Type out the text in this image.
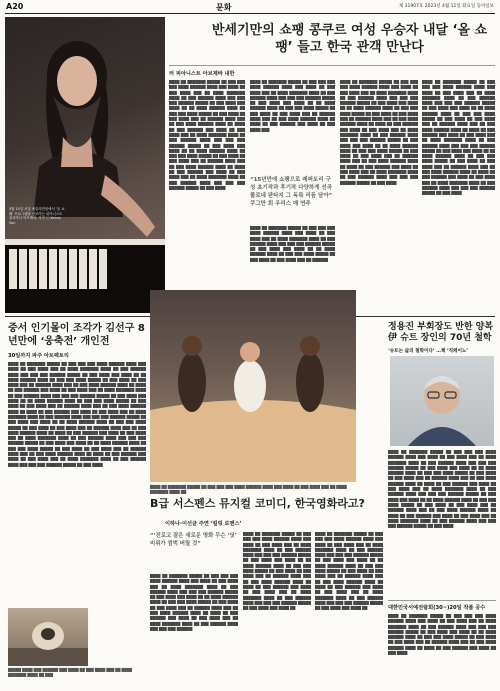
A20	문화	제 31907호 2023년 4월 11일 화요일 동아일보
5월 15일 서울 예술의전당에서 ‘올 쇼팽’ 프로그램을 선보이는 피아니스트 율리아나 아브제바. 사진 ⓒ Kenny Son
반세기만의 쇼팽 콩쿠르 여성 우승자 내달 ‘올 쇼팽’ 들고 한국 관객 만난다
러 피아니스트 아브제바 내한
████ ██ ███████ █████ ██ ███ ███ ███ ████ ██████ ████ ███ ████ ██ ███ ████ ███ ██ ████ ███████ ████ ██ ███ ██████ ████ ███ ███ ███ ██████ █████ ██ ███ ████ ███ ████ ██ ██ ████ ██████ ████ ██ ███ ███ ████ █████ ██ ███ ████ ██ ███ ████ ███ ██ ██████ ████ ███ ██ ███ ████ ██████ ████ ██ ████ ██ ███ ██████ ███ ████ ██ ███ ████ ███ ██ ████ ███████ ████ ██ ███ ██████ ████ ███ ███ ███ ██████ █████ ██ ███ ████ ███ ████ ██ ██ ████ ██████ ████ ██ ███ ███ ████ █████ ██ ███ ████ ██ ███ ████ ███ ██ ██████ ████ ███ ██ ███ ████ ██████ ████ ██ ████ ██ ███ ██████ ███ ████ ██ ███ ████ ███ ██ ████ ███████ ████ ██ ███ ██████ ████ ███ ███ ███ ██████ █████ ██ ███ ████
████ ██ ███████ █████ ██ ███ ███ ███ ████ ██████ ████ ███ ████ ██ ███ ████ ███ ██ ████ ███████ ████ ██ ███ ██████ ████ ███ ███ ███ ██████ █████ ██ ███ ████ ███ ████ ██ ██ ████ ██████ ████ ██ ███ ███ ████ █████ ██ ███ ████ ██ ███ ████ ███ ██ ██████ ████ ███ ██ ███ ████ ██████ ████ ██ ████ ██ ███ ██████ ███ ████ ██ ███ ████ ███
“15년만에 쇼팽으로 레퍼토리 구성 초기작과 후기작 다양하게 선곡 폴로네 판타지 그 독특 리듬 담아” 쿠그만 회 우리스 매 연주
████ ██ ███████ █████ ██ ███ ███ ███ ████ ██████ ████ ███ ████ ██ ███ ████ ███ ██ ████ ███████ ████ ██ ███ ██████ ████ ███ ███ ███ ██████ █████ ██ ███ ████ ███ ████ ██ ██ ████ ██████ ████ ██ ███ ███ ████ █████ ██ ███ ████ ██ ███ ████ ███ ██ ██████
████ ██ ███████ █████ ██ ███ ███ ███ ████ ██████ ████ ███ ████ ██ ███ ████ ███ ██ ████ ███████ ████ ██ ███ ██████ ████ ███ ███ ███ ██████ █████ ██ ███ ████ ███ ████ ██ ██ ████ ██████ ████ ██ ███ ███ ████ █████ ██ ███ ████ ██ ███ ████ ███ ██ ██████ ████ ███ ██ ███ ████ ██████ ████ ██ ████ ██ ███ ██████ ███ ████ ██ ███ ████ ███ ██ ████ ███████ ████ ██ ███ ██████ ████ ███ ███ ███ ██████ █████ ██ ███ ████ ███ ████ ██ ██ ████ ██████ ████ ██ ███ ███ ████ █████ ██ ███ ████ ██ ███ ████ ███ ██ ██████ ████ ███ ██ ███ ████ ██████ ████ ██ ████ ██ ███ ██████ ███ ████ ██ ███ ████ ███ ██ ████ ███████ ████ ██ ███ ██████ ████ ███ ███ ███ ██████ █████ ██ ███ ████
████ ██ ███████ █████ ██ ███ ███ ███ ████ ██████ ████ ███ ████ ██ ███ ████ ███ ██ ████ ███████ ████ ██ ███ ██████ ████ ███ ███ ███ ██████ █████ ██ ███ ████ ███ ████ ██ ██ ████ ██████ ████ ██ ███ ███ ████ █████ ██ ███ ████ ██ ███ ████ ███ ██ ██████ ████ ███ ██ ███ ████ ██████ ████ ██ ████ ██ ███ ██████ ███ ████ ██ ███ ████ ███ ██ ████ ███████ ████ ██ ███ ██████ ████ ███ ███ ███ ██████ █████ ██ ███ ████ ███ ████ ██ ██ ████ ██████ ████ ██ ███ ███ ████ █████ ██ ███ ████ ██ ███ ████ ███ ██ ██████ ████ ███ ██ ███ ████ ██████ ████ ██ ████ ██ ███ ██████ ███ ████ ██ ███ ████ ███ ██ ████ ███████ ████ ██ ███ ██████ ████ ███ ███ ███ ██████ █████ ██ ███ ████
중서 인기몰이 조각가 김선구 8년만에 ‘웅축전’ 개인전
30일까지 파주 아트팩토리
████ ██ ███████ █████ ██ ███ ███ ███ ████ ██████ ████ ███ ████ ██ ███ ████ ███ ██ ████ ███████ ████ ██ ███ ██████ ████ ███ ███ ███ ██████ █████ ██ ███ ████ ███ ████ ██ ██ ████ ██████ ████ ██ ███ ███ ████ █████ ██ ███ ████ ██ ███ ████ ███ ██ ██████ ████ ███ ██ ███ ████ ██████ ████ ██ ████ ██ ███ ██████ ███ ████ ██ ███ ████ ███ ██ ████ ███████ ████ ██ ███ ██████ ████ ███ ███ ███ ██████ █████ ██ ███ ████ ███ ████ ██ ██ ████ ██████ ████ ██ ███ ███ ████ █████ ██ ███ ████ ██ ███ ████ ███ ██ ██████ ████ ███ ██ ███ ████ ██████ ████ ██ ████ ██ ███ ██████ ███ ████ ██ ███ ████ ███ ██ ████ ███████ ████ ██ ███ ██████ ████ ███ ███ ███ ██████ █████ ██ ███ ████ ███ ████ ██ ██ ████ ██████ ████ ██ ███ ███ ████ █████ ██ ███ ████ ██ ███ ████ ███ ██ ██████ ████ ███ ██ ███ ████ ██████ ████ ██ ████ ██ ███ ██████ ███ ████ ██ ███ ████ ███ ██ ████ ███████ ████ ██ ███ ██████ ████ ███ ███ ███ ██████ █████ ██ ███ ████ ███ ████ ██ ██ ████ ██████ ████ ██ ███ ███ ████ █████ ██ ███ ████ ██ ███ ████ ███ ██ ██████ ████ ███ ██ ███ ████ ██████ ████ ██ ████ ██ ███ ██████ ███ ████ ██ ███ ████ ███ ██ ████ ███████ ████ ██ ███ ██████ ████ ███ ███ ███ ██████ █████ ██ ███ ████
█████ ████ ███ ██████ ███ ████ ██ ███ ████ ███ ██ ████ ███████ ████ ██ ███
████ ██ ███████ █████ ██ ███ ███ ███ ████ ██████ ████ ███ ████ ██ ███ ████ ███ ██ ████ ███████ ████ ██
B급 서스펜스 뮤지컬 코미디, 한국영화라고?
이하나·이선균 주연 ‘킬링 로맨스’
“‘진로고 잘은 새로운 영화 무슨 ‘딧’ 비위가 껌벅 버릴 것”
████ ██ ███████ █████ ██ ███ ███ ███ ████ ██████ ████ ███ ████ ██ ███ ████ ███ ██ ████ ███████ ████ ██ ███ ██████ ████ ███ ███ ███ ██████ █████ ██ ███ ████ ███ ████ ██ ██ ████ ██████ ████ ██ ███ ███ ████ █████ ██ ███ ████ ██ ███ ████ ███ ██ ██████ ████ ███ ██ ███ ████ ██████ ████ ██ ████ ██ ███ ██████ ███ ████ ██ ███ ████ ███ ██ ████ ███████ ████ ██ ███ ██████ ████ ███ ███ ███ ██████
████ ██ ███████ █████ ██ ███ ███ ███ ████ ██████ ████ ███ ████ ██ ███ ████ ███ ██ ████ ███████ ████ ██ ███ ██████ ████ ███ ███ ███ ██████ █████ ██ ███ ████ ███ ████ ██ ██ ████ ██████ ████ ██ ███ ███ ████ █████ ██ ███ ████ ██ ███ ████ ███ ██ ██████ ████ ███ ██ ███ ████ ██████ ████ ██ ████ ██ ███ ██████ ███ ████ ██ ███ ████ ███ ██ ████ ███████ ████ ██ ███ ██████ ████ ███ ███ ███ ██████ █████ ██ ███ ████ ███ ████ ██
████ ██ ███████ █████ ██ ███ ███ ███ ████ ██████ ████ ███ ████ ██ ███ ████ ███ ██ ████ ███████ ████ ██ ███ ██████ ████ ███ ███ ███ ██████ █████ ██ ███ ████ ███ ████ ██ ██ ████ ██████ ████ ██ ███ ███ ████ █████ ██ ███ ████ ██ ███ ████ ███ ██ ██████ ████ ███ ██ ███ ████ ██████ ████ ██ ████ ██ ███ ██████ ███ ████ ██ ███ ████ ███ ██ ████ ███████ ████ ██ ███ ██████ ████ ███ ███ ███ ██████ █████ ██ ███ ████ ███ ████ ██
정용진 부회장도 반한 양복 伊 슈트 장인의 70년 철학
‘슈트는 삶의 철학이다’ …책 ‘직케이노’
████ ██ ███████ █████ ██ ███ ███ ███ ████ ██████ ████ ███ ████ ██ ███ ████ ███ ██ ████ ███████ ████ ██ ███ ██████ ████ ███ ███ ███ ██████ █████ ██ ███ ████ ███ ████ ██ ██ ████ ██████ ████ ██ ███ ███ ████ █████ ██ ███ ████ ██ ███ ████ ███ ██ ██████ ████ ███ ██ ███ ████ ██████ ████ ██ ████ ██ ███ ██████ ███ ████ ██ ███ ████ ███ ██ ████ ███████ ████ ██ ███ ██████ ████ ███ ███ ███ ██████ █████ ██ ███ ████ ███ ████ ██ ██ ████ ██████ ████ ██ ███ ███ ████ █████ ██ ███ ████ ██ ███ ████ ███ ██ ██████ ████ ███ ██ ███ ████ ██████ ████ ██ ████ ██ ███ ██████ ███ ████ ██ ███ ████ ███ ██ ████ ███████ ████ ██ ███ ██████ ████ ███ ███ ███ ██████ █████ ██ ███ ████
대한민국서예전람회(30~)20일 작품 공수
████ ██ ███████ █████ ██ ███ ███ ███ ████ ██████ ████ ███ ████ ██ ███ ████ ███ ██ ████ ███████ ████ ██ ███ ██████ ████ ███ ███ ███ ██████ █████ ██ ███ ████ ███ ████ ██ ██ ████ ██████ ████ ██ ███ ███ ████ █████ ██ ███ ████ ██ ███ ████ ███ ██ ██████ ████ ███ ██ ███ ████ ██████ ████ ██ ████ ██ ███ ██████ ███ ████ ██ ███ ████
